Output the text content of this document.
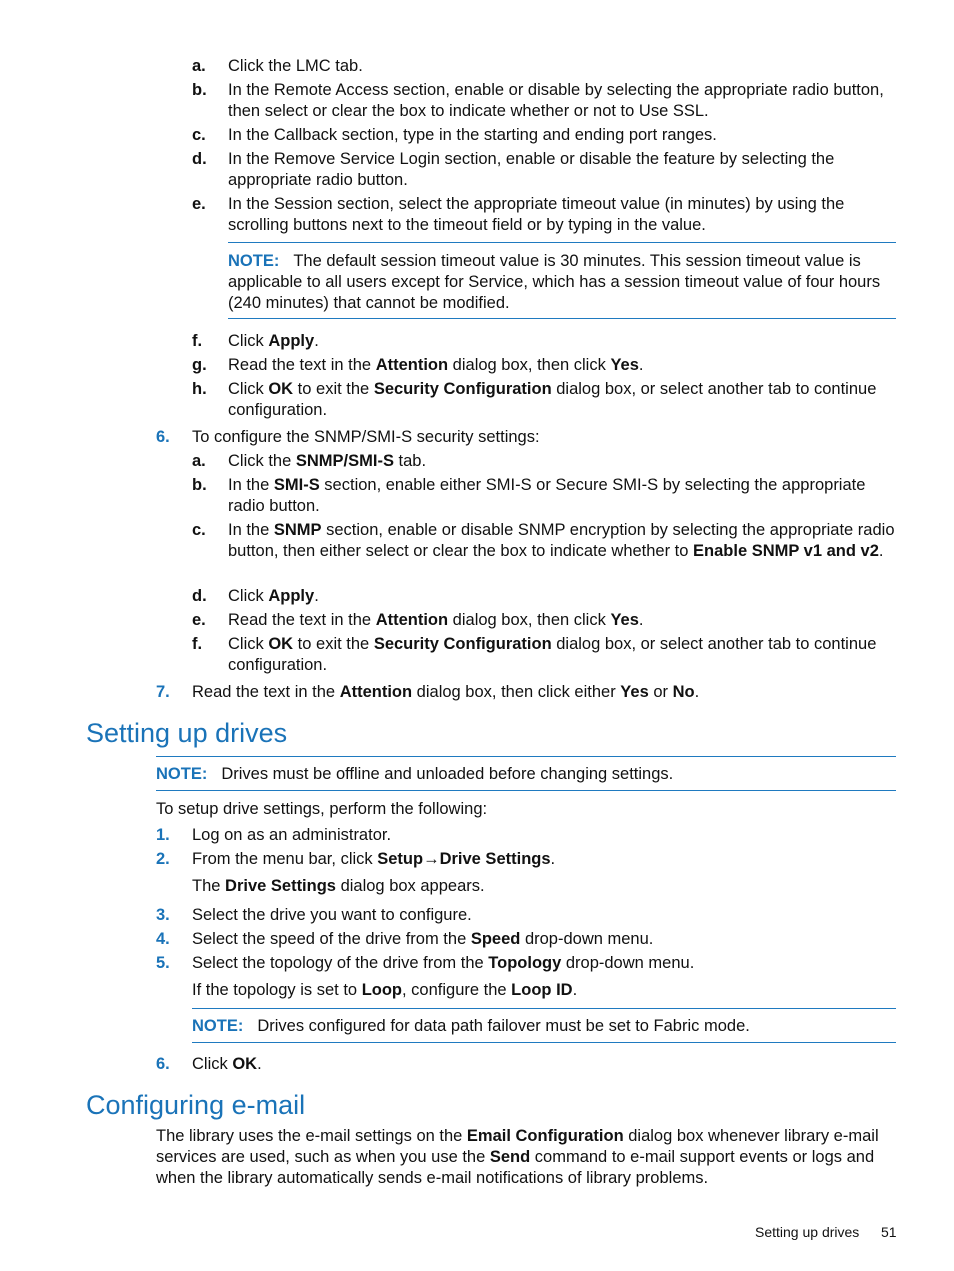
a. Click the LMC tab.
b. In the Remote Access section, enable or disable by selecting the appropriate radio button, then select or clear the box to indicate whether or not to Use SSL.
c. In the Callback section, type in the starting and ending port ranges.
d. In the Remove Service Login section, enable or disable the feature by selecting the appropriate radio button.
e. In the Session section, select the appropriate timeout value (in minutes) by using the scrolling buttons next to the timeout field or by typing in the value.
NOTE: The default session timeout value is 30 minutes. This session timeout value is applicable to all users except for Service, which has a session timeout value of four hours (240 minutes) that cannot be modified.
f. Click Apply.
g. Read the text in the Attention dialog box, then click Yes.
h. Click OK to exit the Security Configuration dialog box, or select another tab to continue configuration.
6. To configure the SNMP/SMI-S security settings:
a. Click the SNMP/SMI-S tab.
b. In the SMI-S section, enable either SMI-S or Secure SMI-S by selecting the appropriate radio button.
c. In the SNMP section, enable or disable SNMP encryption by selecting the appropriate radio button, then either select or clear the box to indicate whether to Enable SNMP v1 and v2.
d. Click Apply.
e. Read the text in the Attention dialog box, then click Yes.
f. Click OK to exit the Security Configuration dialog box, or select another tab to continue configuration.
7. Read the text in the Attention dialog box, then click either Yes or No.
Setting up drives
NOTE: Drives must be offline and unloaded before changing settings.
To setup drive settings, perform the following:
1. Log on as an administrator.
2. From the menu bar, click Setup→Drive Settings.
The Drive Settings dialog box appears.
3. Select the drive you want to configure.
4. Select the speed of the drive from the Speed drop-down menu.
5. Select the topology of the drive from the Topology drop-down menu.
If the topology is set to Loop, configure the Loop ID.
NOTE: Drives configured for data path failover must be set to Fabric mode.
6. Click OK.
Configuring e-mail
The library uses the e-mail settings on the Email Configuration dialog box whenever library e-mail services are used, such as when you use the Send command to e-mail support events or logs and when the library automatically sends e-mail notifications of library problems.
Setting up drives 51
